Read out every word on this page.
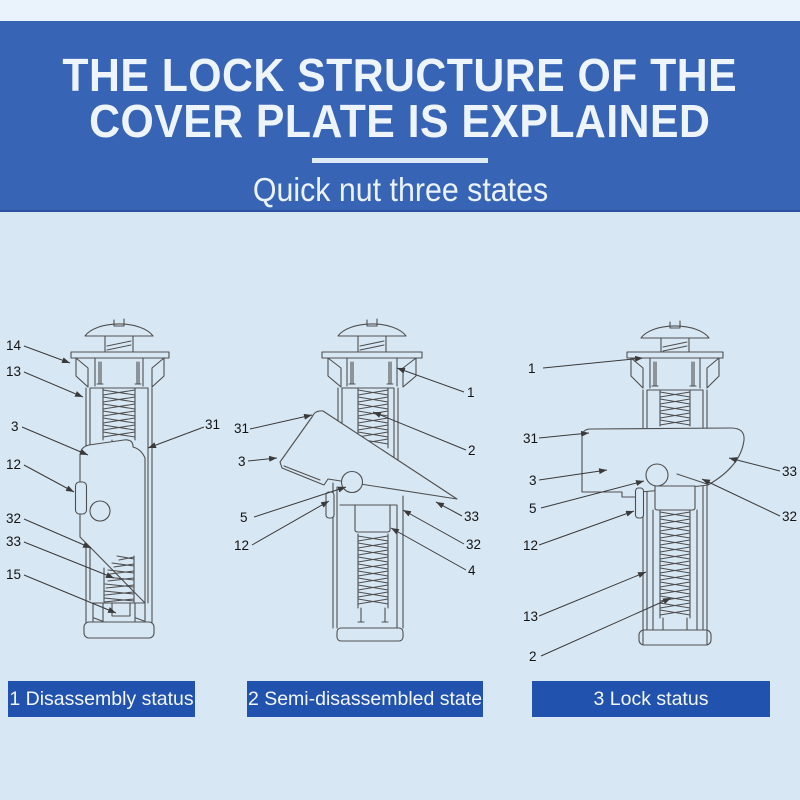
THE LOCK STRUCTURE OF THE
COVER PLATE IS EXPLAINED
Quick nut three states
14
13
3
12
32
33
15
31 31
3
5
12
1
2
33
32
4
1
31
3
5
12
13
2
33
32
1 Disassembly status	2 Semi-disassembled state	3 Lock status
